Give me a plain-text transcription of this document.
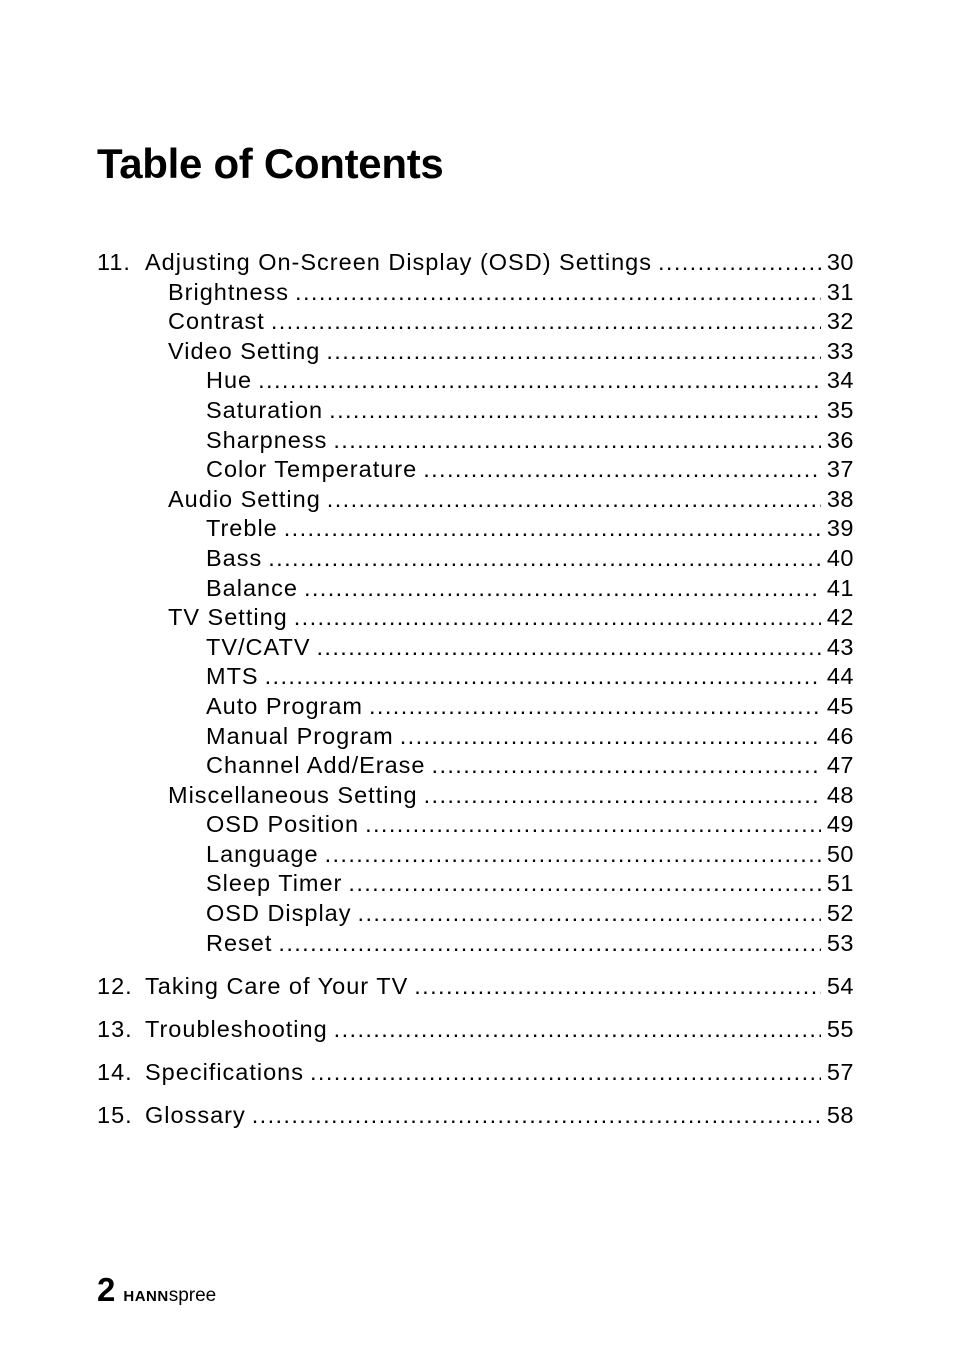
Table of Contents
11. Adjusting On-Screen Display (OSD) Settings .....	30
Brightness .....	31
Contrast .....	32
Video Setting .....	33
Hue .....	34
Saturation .....	35
Sharpness .....	36
Color Temperature .....	37
Audio Setting .....	38
Treble .....	39
Bass .....	40
Balance .....	41
TV Setting .....	42
TV/CATV .....	43
MTS .....	44
Auto Program .....	45
Manual Program .....	46
Channel Add/Erase .....	47
Miscellaneous Setting .....	48
OSD Position .....	49
Language .....	50
Sleep Timer .....	51
OSD Display .....	52
Reset .....	53
12. Taking Care of Your TV .....	54
13. Troubleshooting .....	55
14. Specifications .....	57
15. Glossary .....	58
2 HANNspree
